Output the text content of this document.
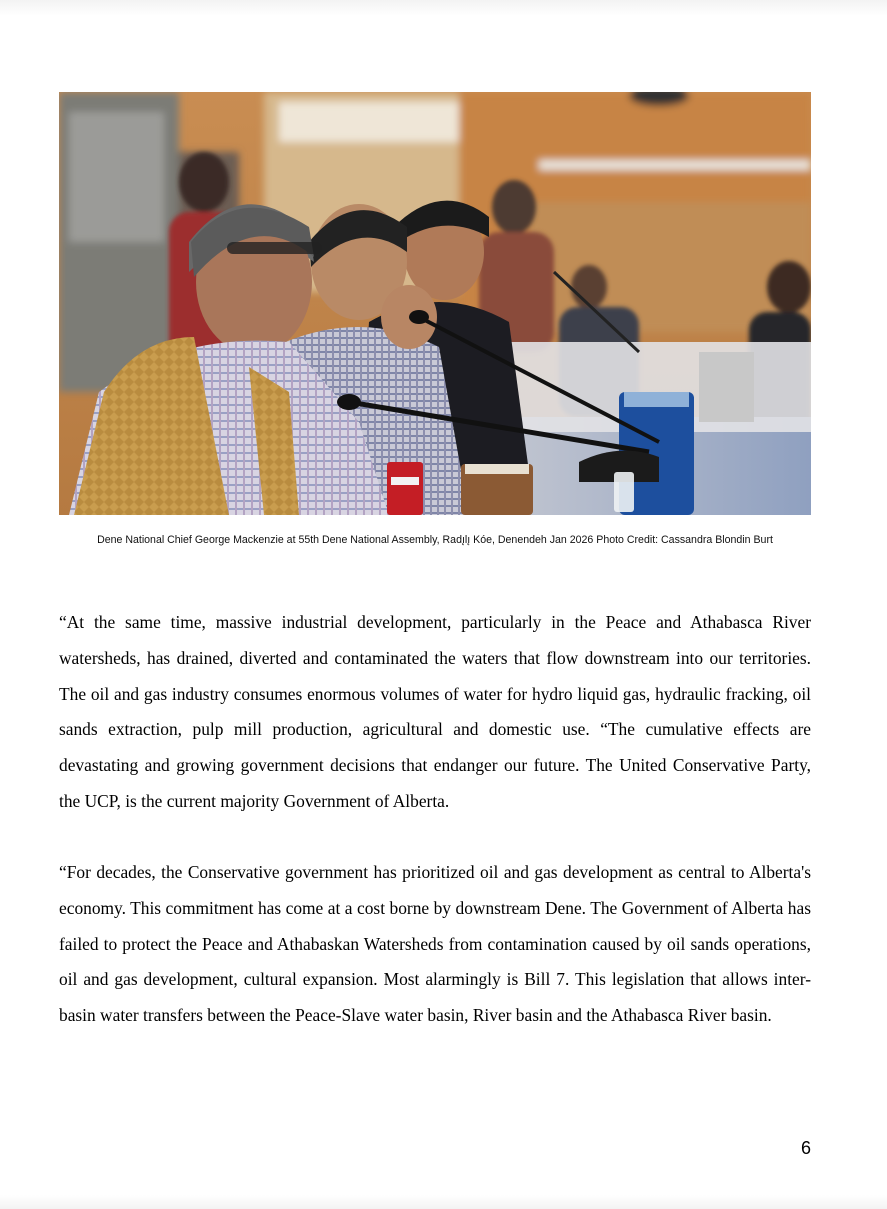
Dene National Chief George Mackenzie at 55th Dene National Assembly, Radı̨lı̨ Kóe, Denendeh Jan 2026 Photo Credit: Cassandra Blondin Burt

“At the same time, massive industrial development, particularly in the Peace and Athabasca River watersheds, has drained, diverted and contaminated the waters that flow downstream into our territories. The oil and gas industry consumes enormous volumes of water for hydro liquid gas, hydraulic fracking, oil sands extraction, pulp mill production, agricultural and domestic use. “The cumulative effects are devastating and growing government decisions that endanger our future. The United Conservative Party, the UCP, is the current majority Government of Alberta.

“For decades, the Conservative government has prioritized oil and gas development as central to Alberta's economy. This commitment has come at a cost borne by downstream Dene. The Government of Alberta has failed to protect the Peace and Athabaskan Watersheds from contamination caused by oil sands operations, oil and gas development, cultural expansion. Most alarmingly is Bill 7. This legislation that allows inter-basin water transfers between the Peace-Slave water basin, River basin and the Athabasca River basin.

6
